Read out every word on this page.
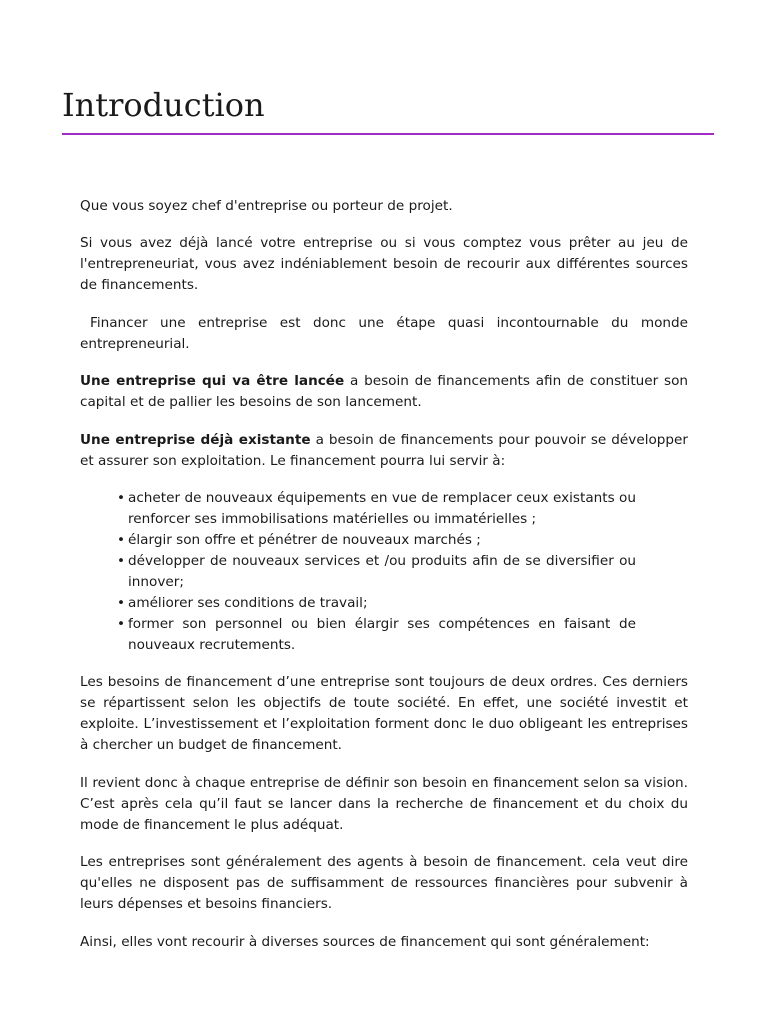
Introduction

Que vous soyez chef d'entreprise ou porteur de projet.

Si vous avez déjà lancé votre entreprise ou si vous comptez vous prêter au jeu de l'entrepreneuriat, vous avez indéniablement besoin de recourir aux différentes sources de financements.

Financer une entreprise est donc une étape quasi incontournable du monde entrepreneurial.

Une entreprise qui va être lancée a besoin de financements afin de constituer son capital et de pallier les besoins de son lancement.

Une entreprise déjà existante a besoin de financements pour pouvoir se développer et assurer son exploitation. Le financement pourra lui servir à:

• acheter de nouveaux équipements en vue de remplacer ceux existants ou renforcer ses immobilisations matérielles ou immatérielles ;
• élargir son offre et pénétrer de nouveaux marchés ;
• développer de nouveaux services et /ou produits afin de se diversifier ou innover;
• améliorer ses conditions de travail;
• former son personnel ou bien élargir ses compétences en faisant de nouveaux recrutements.

Les besoins de financement d’une entreprise sont toujours de deux ordres. Ces derniers se répartissent selon les objectifs de toute société. En effet, une société investit et exploite. L’investissement et l’exploitation forment donc le duo obligeant les entreprises à chercher un budget de financement.

Il revient donc à chaque entreprise de définir son besoin en financement selon sa vision. C’est après cela qu’il faut se lancer dans la recherche de financement et du choix du mode de financement le plus adéquat.

Les entreprises sont généralement des agents à besoin de financement. cela veut dire qu'elles ne disposent pas de suffisamment de ressources financières pour subvenir à leurs dépenses et besoins financiers.

Ainsi, elles vont recourir à diverses sources de financement qui sont généralement:
